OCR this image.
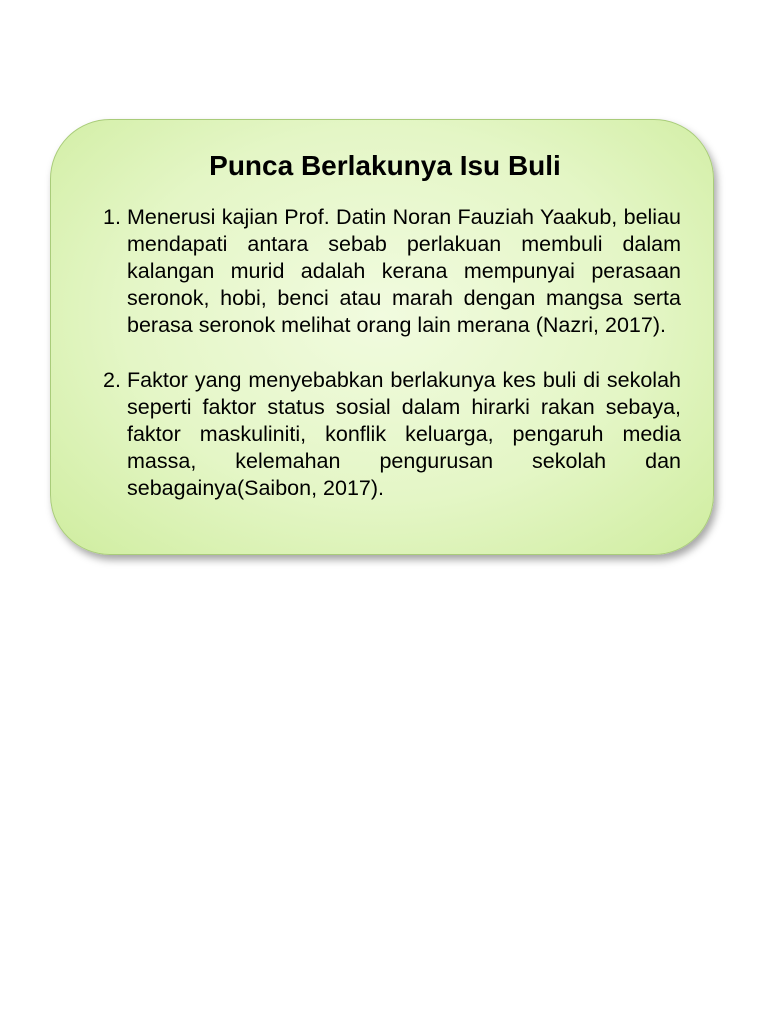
Punca Berlakunya Isu Buli
1. Menerusi kajian Prof. Datin Noran Fauziah Yaakub, beliau mendapati antara sebab perlakuan membuli dalam kalangan murid adalah kerana mempunyai perasaan seronok, hobi, benci atau marah dengan mangsa serta berasa seronok melihat orang lain merana (Nazri, 2017).
2. Faktor yang menyebabkan berlakunya kes buli di sekolah seperti faktor status sosial dalam hirarki rakan sebaya, faktor maskuliniti, konflik keluarga, pengaruh media massa, kelemahan pengurusan sekolah dan sebagainya(Saibon, 2017).
